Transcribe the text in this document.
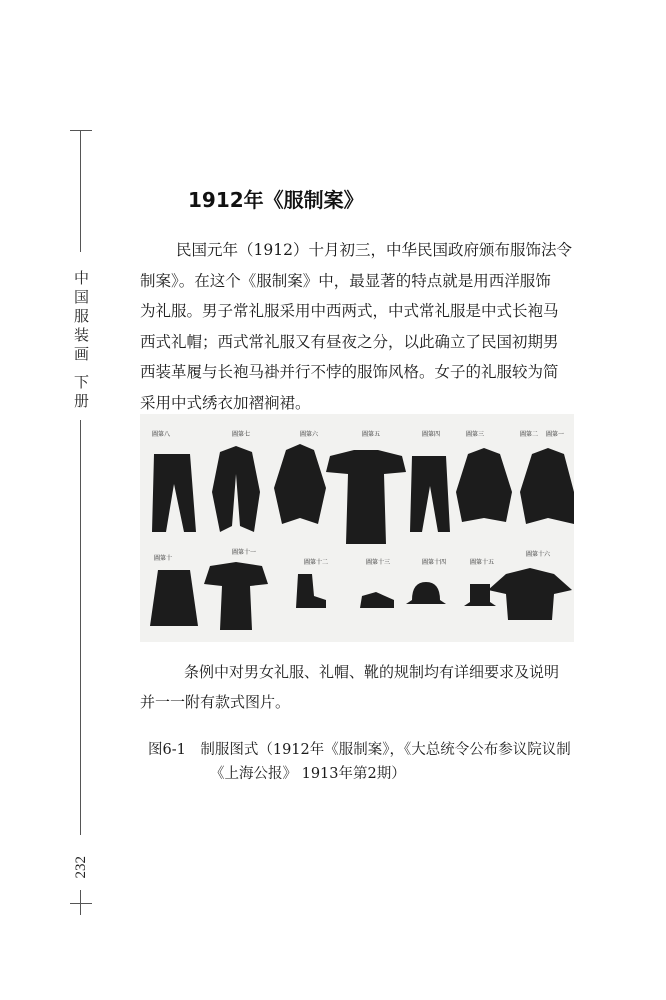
中国服装画 下册
232
1912年《服制案》

民国元年（1912）十月初三，中华民国政府颁布服饰法令

制案》。在这个《服制案》中，最显著的特点就是用西洋服饰

为礼服。男子常礼服采用中西两式，中式常礼服是中式长袍马

西式礼帽；西式常礼服又有昼夜之分，以此确立了民国初期男

西装革履与长袍马褂并行不悖的服饰风格。女子的礼服较为简

采用中式绣衣加褶裥裙。

圖第八	圖第七	圖第六	圖第五	圖第四	圖第三	圖第二 圖第一
圖第十
圖第十一
圖第十二	圖第十三	圖第十四	圖第十五
圖第十六

条例中对男女礼服、礼帽、靴的规制均有详细要求及说明

并一一附有款式图片。

图6-1　制服图式（1912年《服制案》，《大总统令公布参议院议制

《上海公报》 1913年第2期）
